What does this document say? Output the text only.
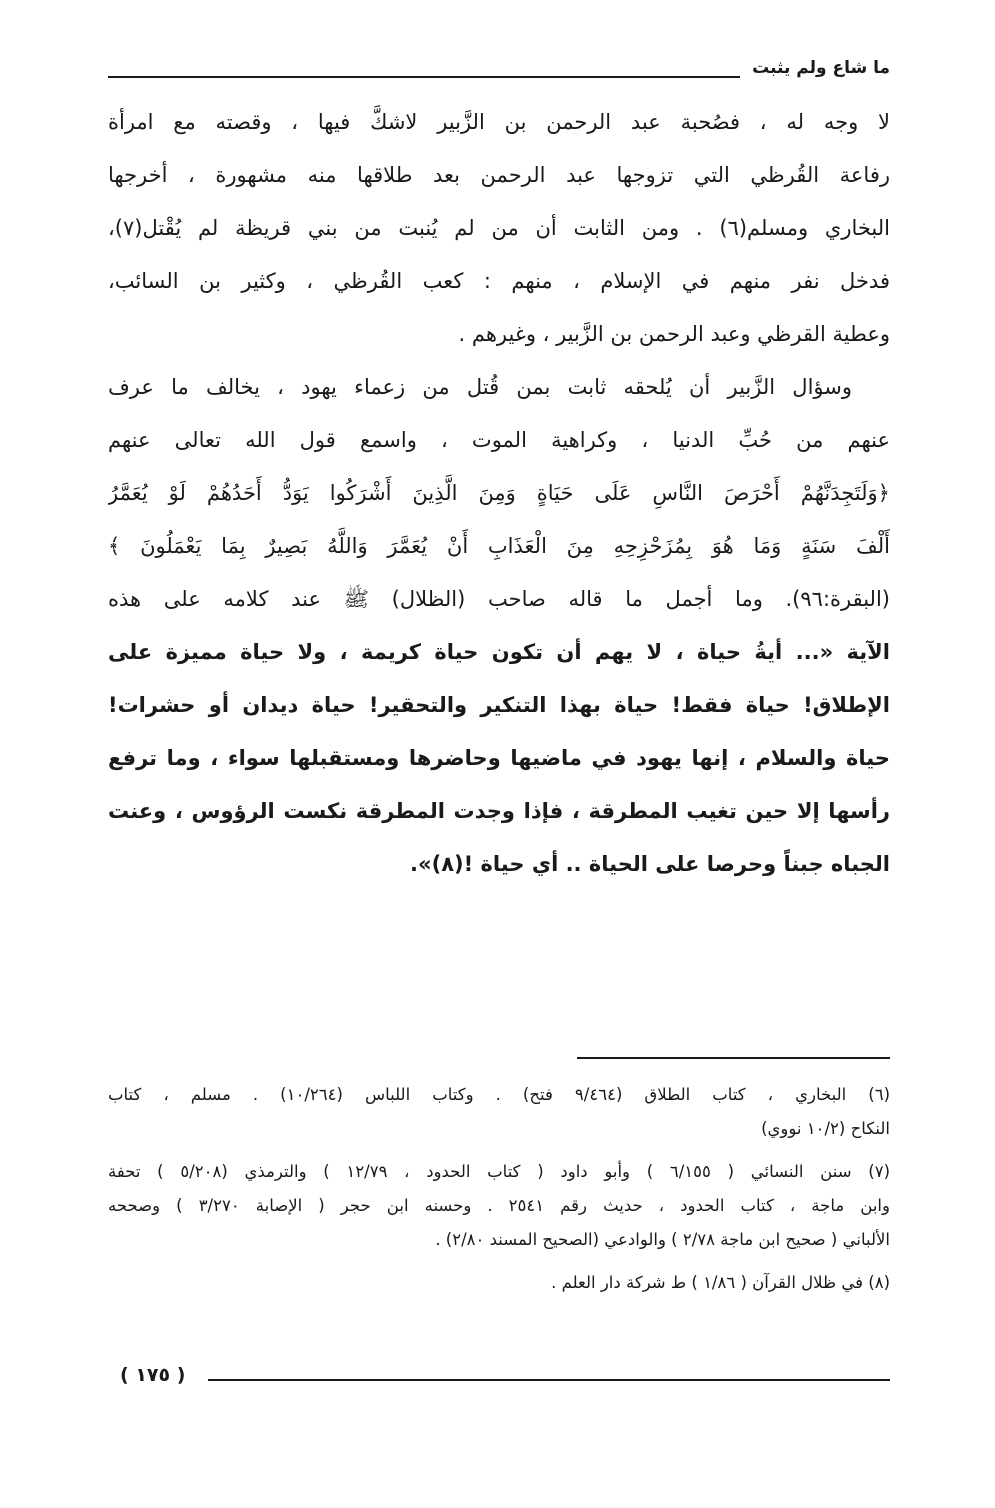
ما شاع ولم يثبت
لا وجه له ، فصُحبة عبد الرحمن بن الزَّبير لاشكَّ فيها ، وقصته مع امرأة
رفاعة القُرظي التي تزوجها عبد الرحمن بعد طلاقها منه مشهورة ، أخرجها
البخاري ومسلم(٦) . ومن الثابت أن من لم يُنبت من بني قريظة لم يُقْتل(٧)،
فدخل نفر منهم في الإسلام ، منهم : كعب القُرظي ، وكثير بن السائب،
وعطية القرظي وعبد الرحمن بن الزَّبير ، وغيرهم .
وسؤال الزَّبير أن يُلحقه ثابت بمن قُتل من زعماء يهود ، يخالف ما عرف
عنهم من حُبِّ الدنيا ، وكراهية الموت ، واسمع قول الله تعالى عنهم
﴿وَلَتَجِدَنَّهُمْ أَحْرَصَ النَّاسِ عَلَى حَيَاةٍ وَمِنَ الَّذِينَ أَشْرَكُوا يَوَدُّ أَحَدُهُمْ لَوْ يُعَمَّرُ
أَلْفَ سَنَةٍ وَمَا هُوَ بِمُزَحْزِحِهِ مِنَ الْعَذَابِ أَنْ يُعَمَّرَ وَاللَّهُ بَصِيرٌ بِمَا يَعْمَلُونَ ﴾
(البقرة:٩٦). وما أجمل ما قاله صاحب (الظلال) ﷺ عند كلامه على هذه
الآية «... أيةُ حياة ، لا يهم أن تكون حياة كريمة ، ولا حياة مميزة على
الإطلاق! حياة فقط! حياة بهذا التنكير والتحقير! حياة ديدان أو حشرات!
حياة والسلام ، إنها يهود في ماضيها وحاضرها ومستقبلها سواء ، وما ترفع
رأسها إلا حين تغيب المطرقة ، فإذا وجدت المطرقة نكست الرؤوس ، وعنت
الجباه جبناً وحرصا على الحياة .. أي حياة !(٨)».
(٦) البخاري ، كتاب الطلاق (٩/٤٦٤ فتح) . وكتاب اللباس (١٠/٢٦٤) . مسلم ، كتاب
النكاح (١٠/٢ نووي)
(٧) سنن النسائي ( ٦/١٥٥ ) وأبو داود ( كتاب الحدود ، ١٢/٧٩ ) والترمذي (٥/٢٠٨ ) تحفة
وابن ماجة ، كتاب الحدود ، حديث رقم ٢٥٤١ . وحسنه ابن حجر ( الإصابة ٣/٢٧٠ ) وصححه
الألباني ( صحيح ابن ماجة ٢/٧٨ ) والوادعي (الصحيح المسند ٢/٨٠) .
(٨) في ظلال القرآن ( ١/٨٦ ) ط شركة دار العلم .
( ١٧٥ )
